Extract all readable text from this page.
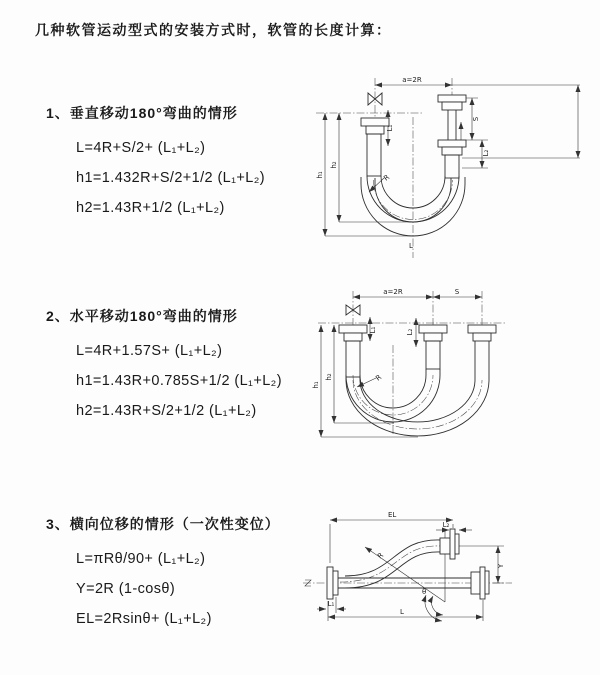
几种软管运动型式的安装方式时，软管的长度计算：
1、垂直移动180°弯曲的情形
L=4R+S/2+ (L₁+L₂)
h1=1.432R+S/2+1/2 (L₁+L₂)
h2=1.43R+1/2 (L₁+L₂)
2、水平移动180°弯曲的情形
L=4R+1.57S+ (L₁+L₂)
h1=1.43R+0.785S+1/2 (L₁+L₂)
h2=1.43R+S/2+1/2 (L₁+L₂)
3、横向位移的情形（一次性变位）
L=πRθ/90+ (L₁+L₂)
Y=2R (1-cosθ)
EL=2Rsinθ+ (L₁+L₂)
a=2R
L₁
S
L₂
h₁
h₂
R
L
a=2R	S
L₁	L₂
h₁
h₂	R
EL
L₂
Y
R
θ
L
L₁
